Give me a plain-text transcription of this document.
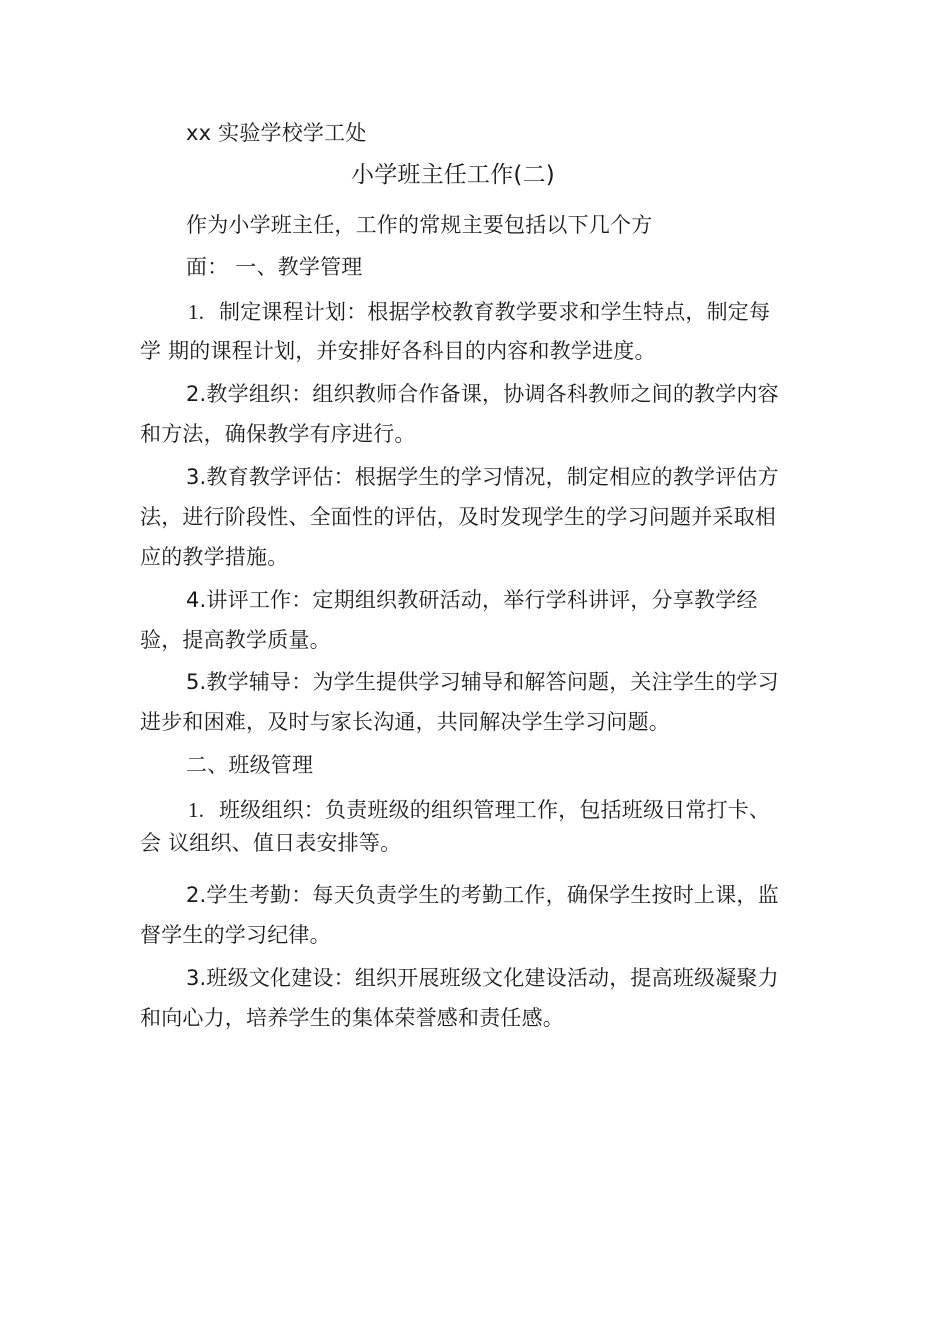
xx 实验学校学工处
小学班主任工作(二)
作为小学班主任，工作的常规主要包括以下几个方
面： 一、教学管理
1. 制定课程计划：根据学校教育教学要求和学生特点，制定每
学 期的课程计划，并安排好各科目的内容和教学进度。
2.教学组织：组织教师合作备课，协调各科教师之间的教学内容
和方法，确保教学有序进行。
3.教育教学评估：根据学生的学习情况，制定相应的教学评估方
法，进行阶段性、全面性的评估，及时发现学生的学习问题并采取相
应的教学措施。
4.讲评工作：定期组织教研活动，举行学科讲评，分享教学经
验，提高教学质量。
5.教学辅导：为学生提供学习辅导和解答问题，关注学生的学习
进步和困难，及时与家长沟通，共同解决学生学习问题。
二、班级管理
1. 班级组织：负责班级的组织管理工作，包括班级日常打卡、
会 议组织、值日表安排等。
2.学生考勤：每天负责学生的考勤工作，确保学生按时上课，监
督学生的学习纪律。
3.班级文化建设：组织开展班级文化建设活动，提高班级凝聚力
和向心力，培养学生的集体荣誉感和责任感。
